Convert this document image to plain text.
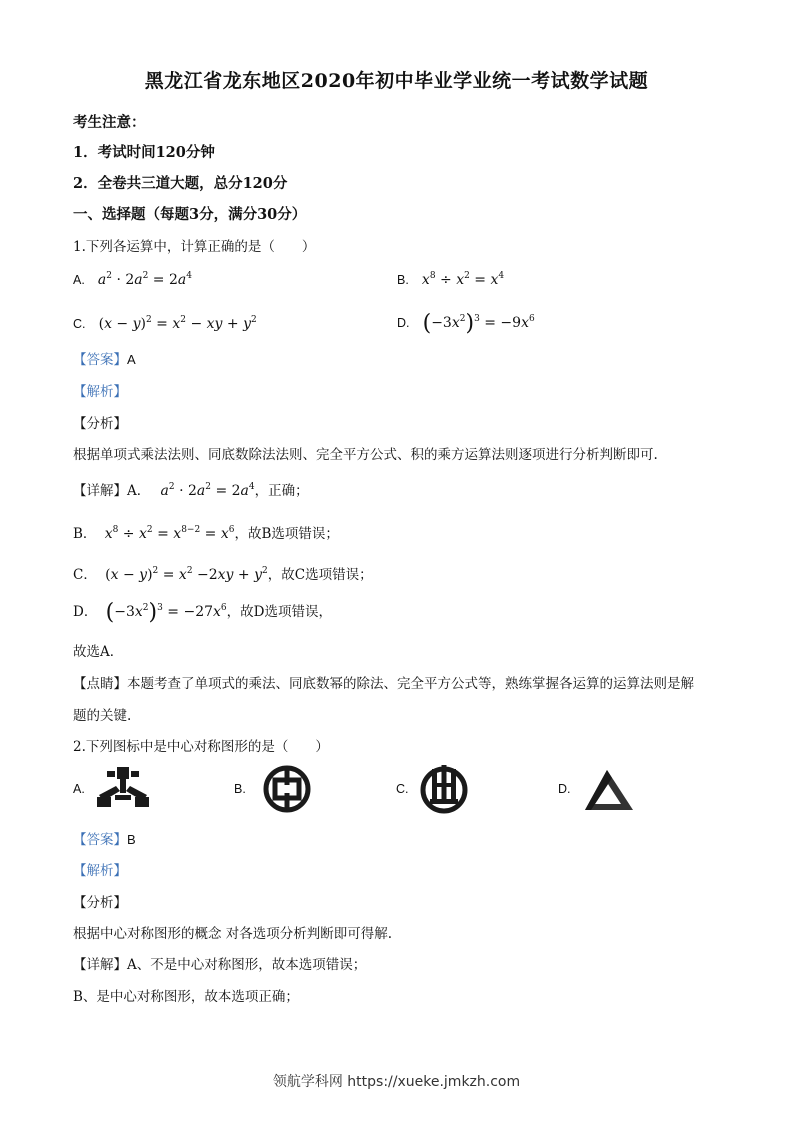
黑龙江省龙东地区2020年初中毕业学业统一考试数学试题
考生注意：
1．考试时间120分钟
2．全卷共三道大题，总分120分
一、选择题（每题3分，满分30分）
1.下列各运算中，计算正确的是（　　）
A. $a^2 \cdot 2a^2 = 2a^4$	B. $x^8 \div x^2 = x^4$
C. $(x - y)^2 = x^2$ − xy + $y^2$	D. $(-3x^2)^3 = -9x^6$
【答案】A
【解析】
【分析】
根据单项式乘法法则、同底数除法法则、完全平方公式、积的乘方运算法则逐项进行分析判断即可.
【详解】A． $a^2 \cdot 2a^2 = 2a^4$，正确；
B． $x^8 \div x^2 = x^{8-2} = x^6$，故B选项错误；
C． $(x - y)^2 = x^2 -2xy + y^2$，故C选项错误；
D． $(-3x^2)^3 = -27x^6$，故D选项错误，
故选A．
【点睛】本题考查了单项式的乘法、同底数幂的除法、完全平方公式等，熟练掌握各运算的运算法则是解
题的关键.
2.下列图标中是中心对称图形的是（　　）
A.	B.	C.	D.
【答案】B
【解析】
【分析】
根据中心对称图形的概念 对各选项分析判断即可得解.
【详解】A、不是中心对称图形，故本选项错误；
B、是中心对称图形，故本选项正确；
领航学科网 https://xueke.jmkzh.com
